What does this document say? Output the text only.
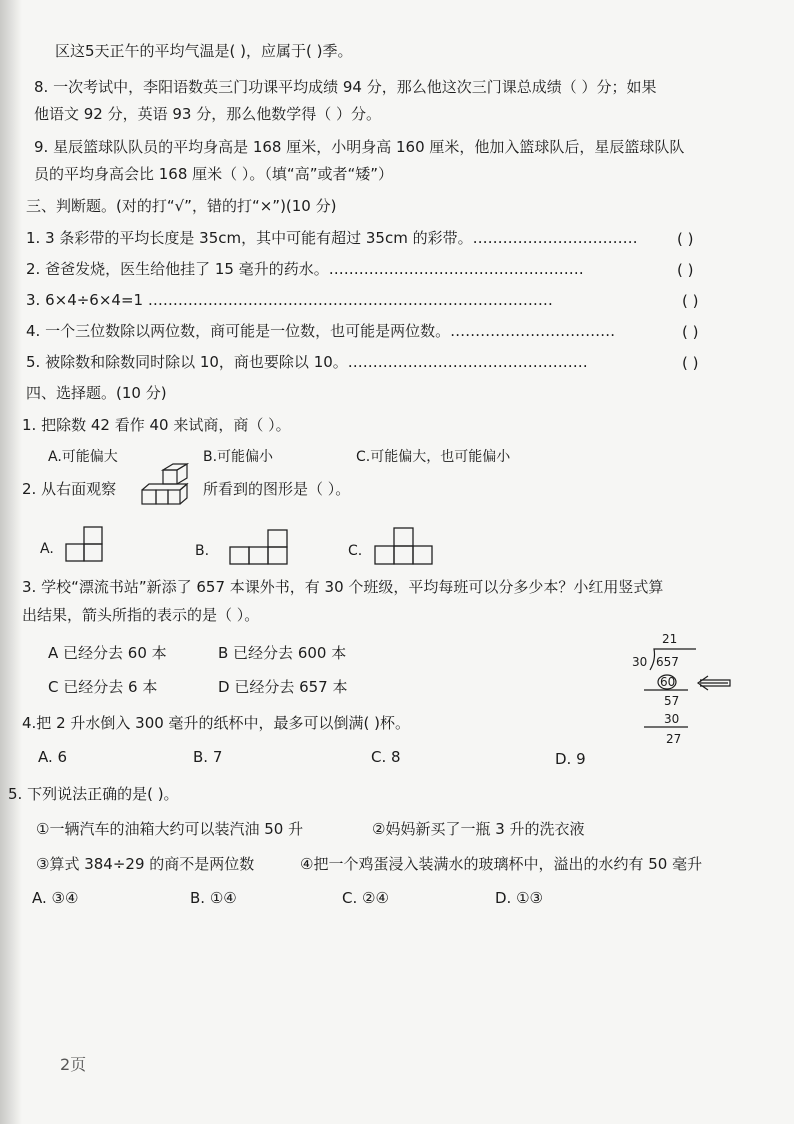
区这5天正午的平均气温是( )，应属于( )季。
8. 一次考试中，李阳语数英三门功课平均成绩 94 分，那么他这次三门课总成绩（ ）分；如果
他语文 92 分，英语 93 分，那么他数学得（ ）分。
9. 星辰篮球队队员的平均身高是 168 厘米，小明身高 160 厘米，他加入篮球队后，星辰篮球队队
员的平均身高会比 168 厘米（ ）。（填“高”或者“矮”）
三、判断题。(对的打“√”，错的打“×”)(10 分)
1. 3 条彩带的平均长度是 35cm，其中可能有超过 35cm 的彩带。……………………………	( )
2. 爸爸发烧，医生给他挂了 15 毫升的药水。……………………………………………	( )
3. 6×4÷6×4=1 ………………………………………………………………………	( )
4. 一个三位数除以两位数，商可能是一位数，也可能是两位数。……………………………	( )
5. 被除数和除数同时除以 10，商也要除以 10。…………………………………………	( )
四、选择题。(10 分)
1. 把除数 42 看作 40 来试商，商（ ）。
A.可能偏大	B.可能偏小	C.可能偏大，也可能偏小
2. 从右面观察	所看到的图形是（ ）。
A.	B.	C.
3. 学校“漂流书站”新添了 657 本课外书，有 30 个班级，平均每班可以分多少本？小红用竖式算
出结果，箭头所指的表示的是（ ）。
A 已经分去 60 本	B 已经分去 600 本
C 已经分去 6 本	D 已经分去 657 本
21
30 657
60
57
30
27
4.把 2 升水倒入 300 毫升的纸杯中，最多可以倒满( )杯。
A. 6	B. 7	C. 8	D. 9
5. 下列说法正确的是( )。
①一辆汽车的油箱大约可以装汽油 50 升	②妈妈新买了一瓶 3 升的洗衣液
③算式 384÷29 的商不是两位数	④把一个鸡蛋浸入装满水的玻璃杯中，溢出的水约有 50 毫升
A. ③④	B. ①④	C. ②④	D. ①③
2页
